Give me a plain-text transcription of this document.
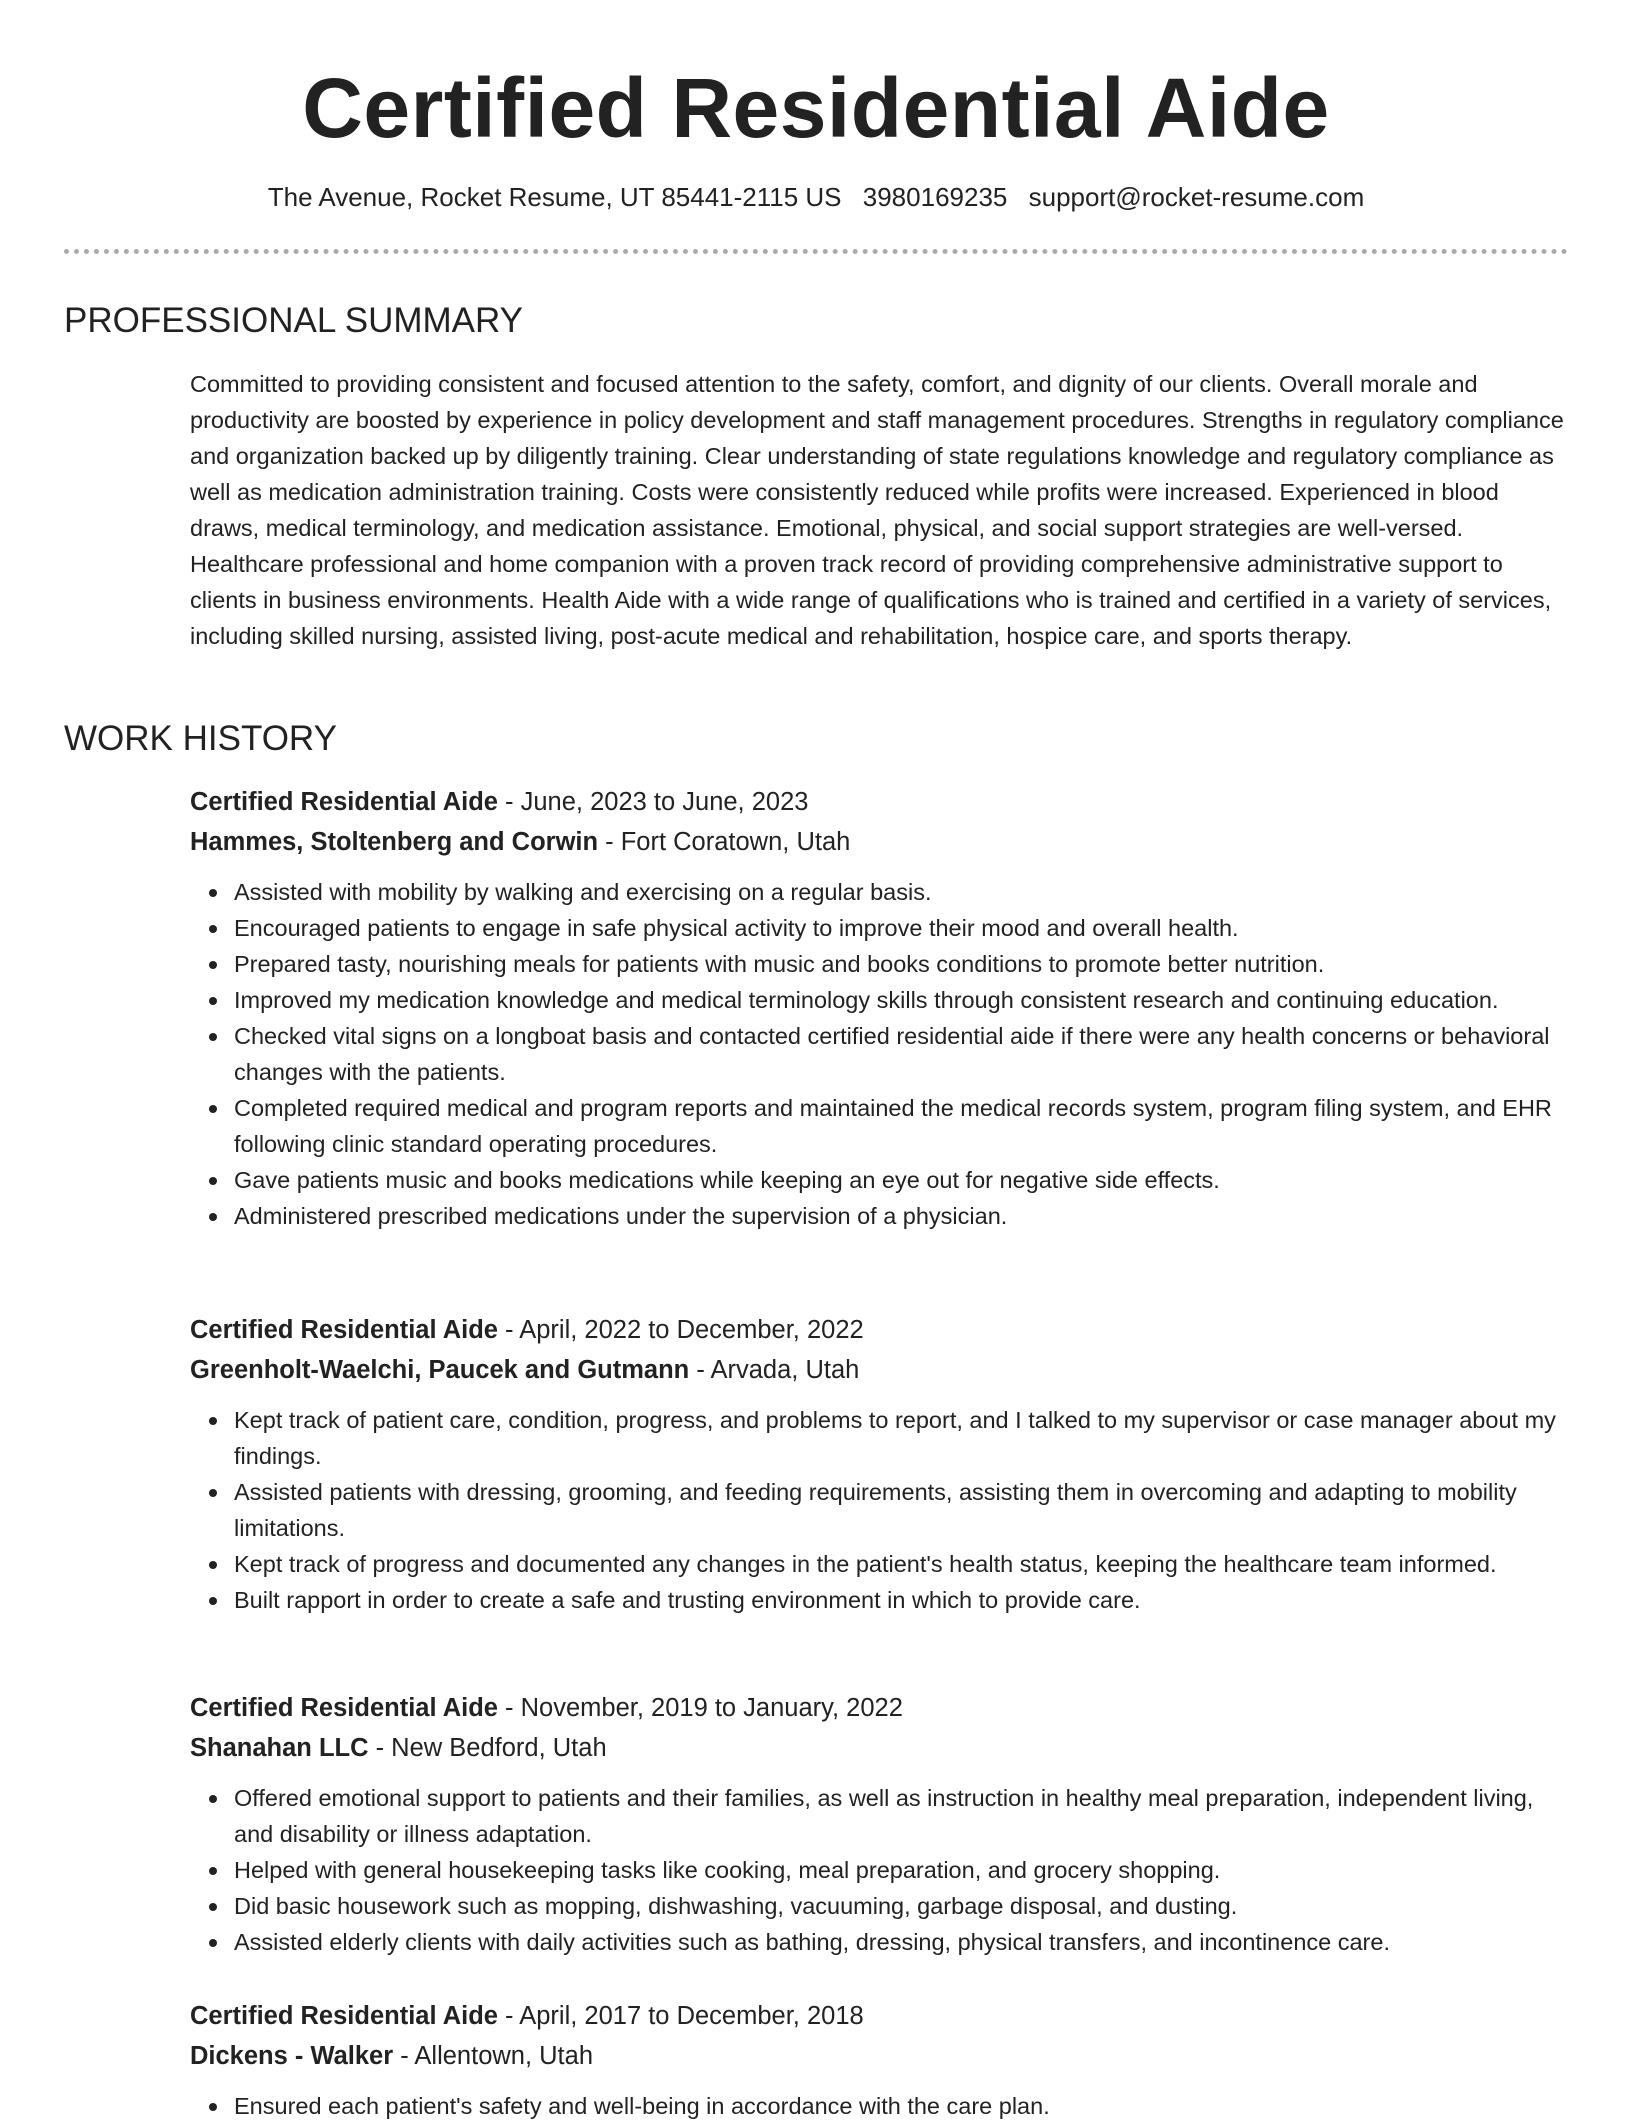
Certified Residential Aide
The Avenue, Rocket Resume, UT 85441-2115 US 3980169235 support@rocket-resume.com
PROFESSIONAL SUMMARY

Committed to providing consistent and focused attention to the safety, comfort, and dignity of our clients. Overall morale and productivity are boosted by experience in policy development and staff management procedures. Strengths in regulatory compliance and organization backed up by diligently training. Clear understanding of state regulations knowledge and regulatory compliance as well as medication administration training. Costs were consistently reduced while profits were increased. Experienced in blood draws, medical terminology, and medication assistance. Emotional, physical, and social support strategies are well-versed. Healthcare professional and home companion with a proven track record of providing comprehensive administrative support to clients in business environments. Health Aide with a wide range of qualifications who is trained and certified in a variety of services, including skilled nursing, assisted living, post-acute medical and rehabilitation, hospice care, and sports therapy.

WORK HISTORY
Certified Residential Aide - June, 2023 to June, 2023
Hammes, Stoltenberg and Corwin - Fort Coratown, Utah
Assisted with mobility by walking and exercising on a regular basis.
Encouraged patients to engage in safe physical activity to improve their mood and overall health.
Prepared tasty, nourishing meals for patients with music and books conditions to promote better nutrition.
Improved my medication knowledge and medical terminology skills through consistent research and continuing education.
Checked vital signs on a longboat basis and contacted certified residential aide if there were any health concerns or behavioral changes with the patients.
Completed required medical and program reports and maintained the medical records system, program filing system, and EHR following clinic standard operating procedures.
Gave patients music and books medications while keeping an eye out for negative side effects.
Administered prescribed medications under the supervision of a physician.
Certified Residential Aide - April, 2022 to December, 2022
Greenholt-Waelchi, Paucek and Gutmann - Arvada, Utah
Kept track of patient care, condition, progress, and problems to report, and I talked to my supervisor or case manager about my findings.
Assisted patients with dressing, grooming, and feeding requirements, assisting them in overcoming and adapting to mobility limitations.
Kept track of progress and documented any changes in the patient's health status, keeping the healthcare team informed.
Built rapport in order to create a safe and trusting environment in which to provide care.
Certified Residential Aide - November, 2019 to January, 2022
Shanahan LLC - New Bedford, Utah
Offered emotional support to patients and their families, as well as instruction in healthy meal preparation, independent living, and disability or illness adaptation.
Helped with general housekeeping tasks like cooking, meal preparation, and grocery shopping.
Did basic housework such as mopping, dishwashing, vacuuming, garbage disposal, and dusting.
Assisted elderly clients with daily activities such as bathing, dressing, physical transfers, and incontinence care.
Certified Residential Aide - April, 2017 to December, 2018
Dickens - Walker - Allentown, Utah
Ensured each patient's safety and well-being in accordance with the care plan.
